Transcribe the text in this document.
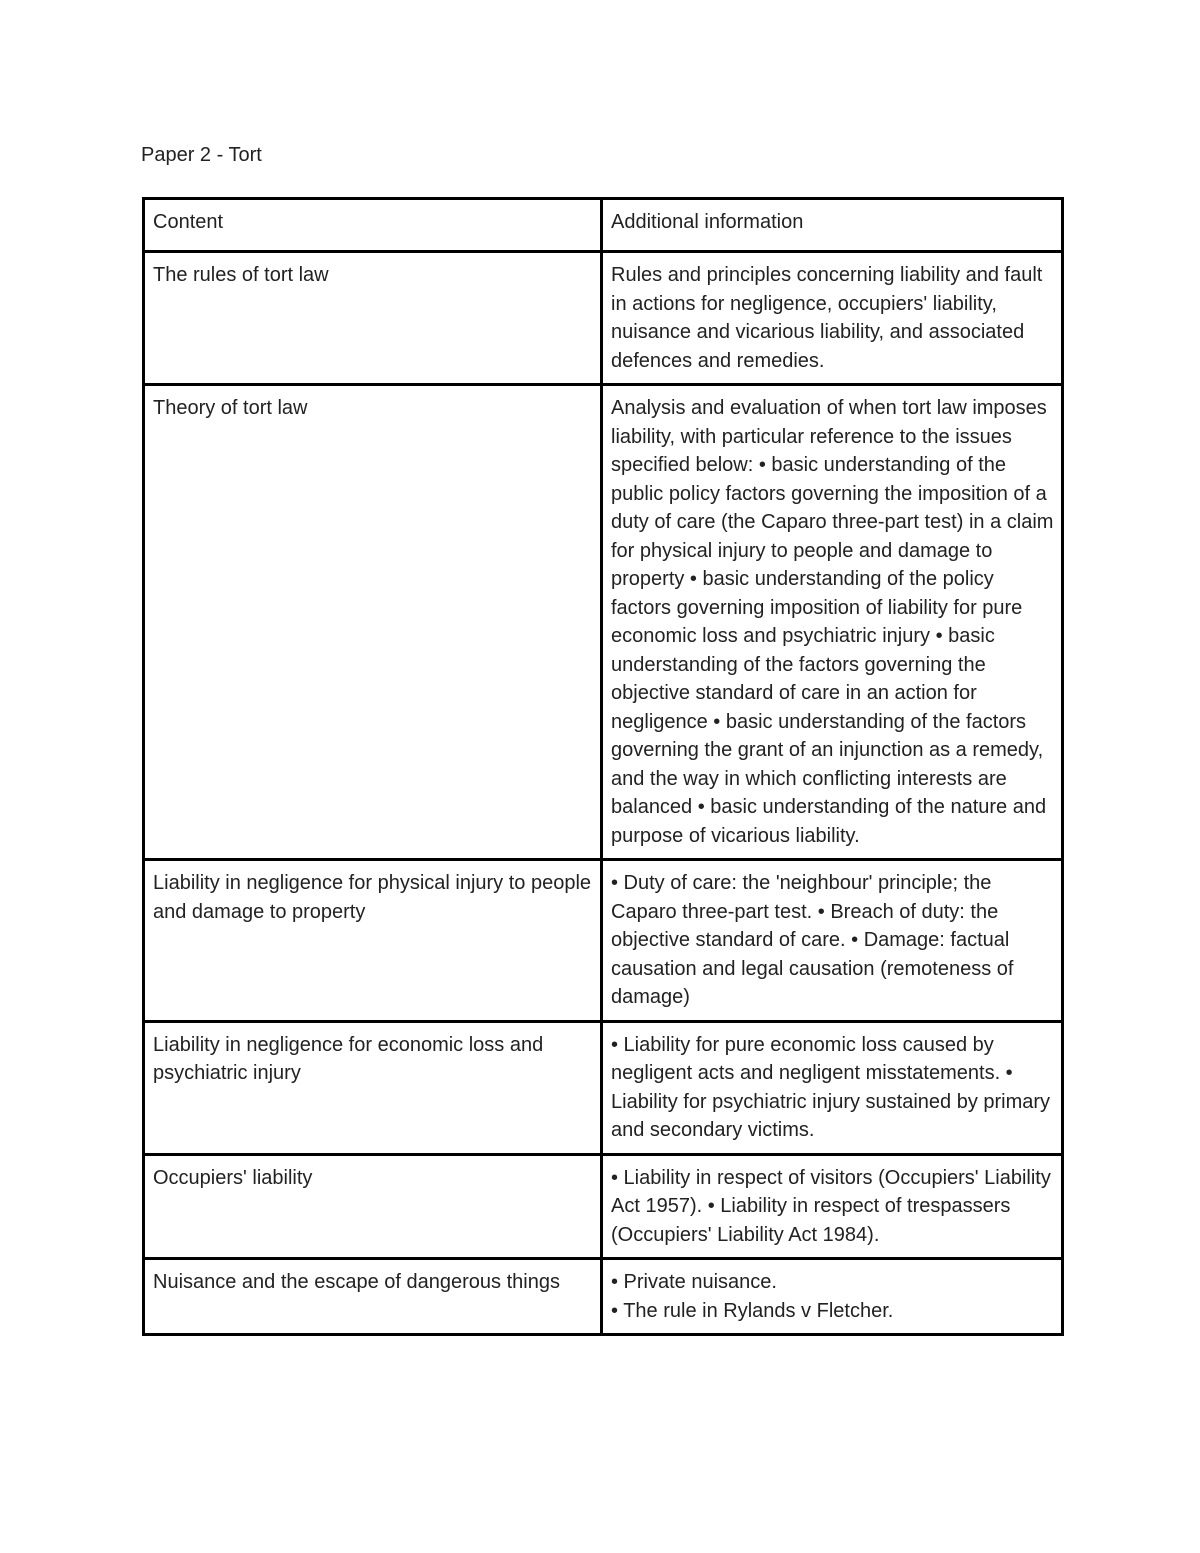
Paper 2 - Tort
Content	Additional information

The rules of tort law	Rules and principles concerning liability and fault in actions for negligence, occupiers' liability, nuisance and vicarious liability, and associated defences and remedies.

Theory of tort law	Analysis and evaluation of when tort law imposes liability, with particular reference to the issues specified below: • basic understanding of the public policy factors governing the imposition of a duty of care (the Caparo three-part test) in a claim for physical injury to people and damage to property • basic understanding of the policy factors governing imposition of liability for pure economic loss and psychiatric injury • basic understanding of the factors governing the objective standard of care in an action for negligence • basic understanding of the factors governing the grant of an injunction as a remedy, and the way in which conflicting interests are balanced • basic understanding of the nature and purpose of vicarious liability.

Liability in negligence for physical injury to people and damage to property	• Duty of care: the 'neighbour' principle; the Caparo three-part test. • Breach of duty: the objective standard of care. • Damage: factual causation and legal causation (remoteness of damage)

Liability in negligence for economic loss and psychiatric injury	• Liability for pure economic loss caused by negligent acts and negligent misstatements. • Liability for psychiatric injury sustained by primary and secondary victims.

Occupiers' liability	• Liability in respect of visitors (Occupiers' Liability Act 1957). • Liability in respect of trespassers (Occupiers' Liability Act 1984).

Nuisance and the escape of dangerous things	• Private nuisance.
• The rule in Rylands v Fletcher.
